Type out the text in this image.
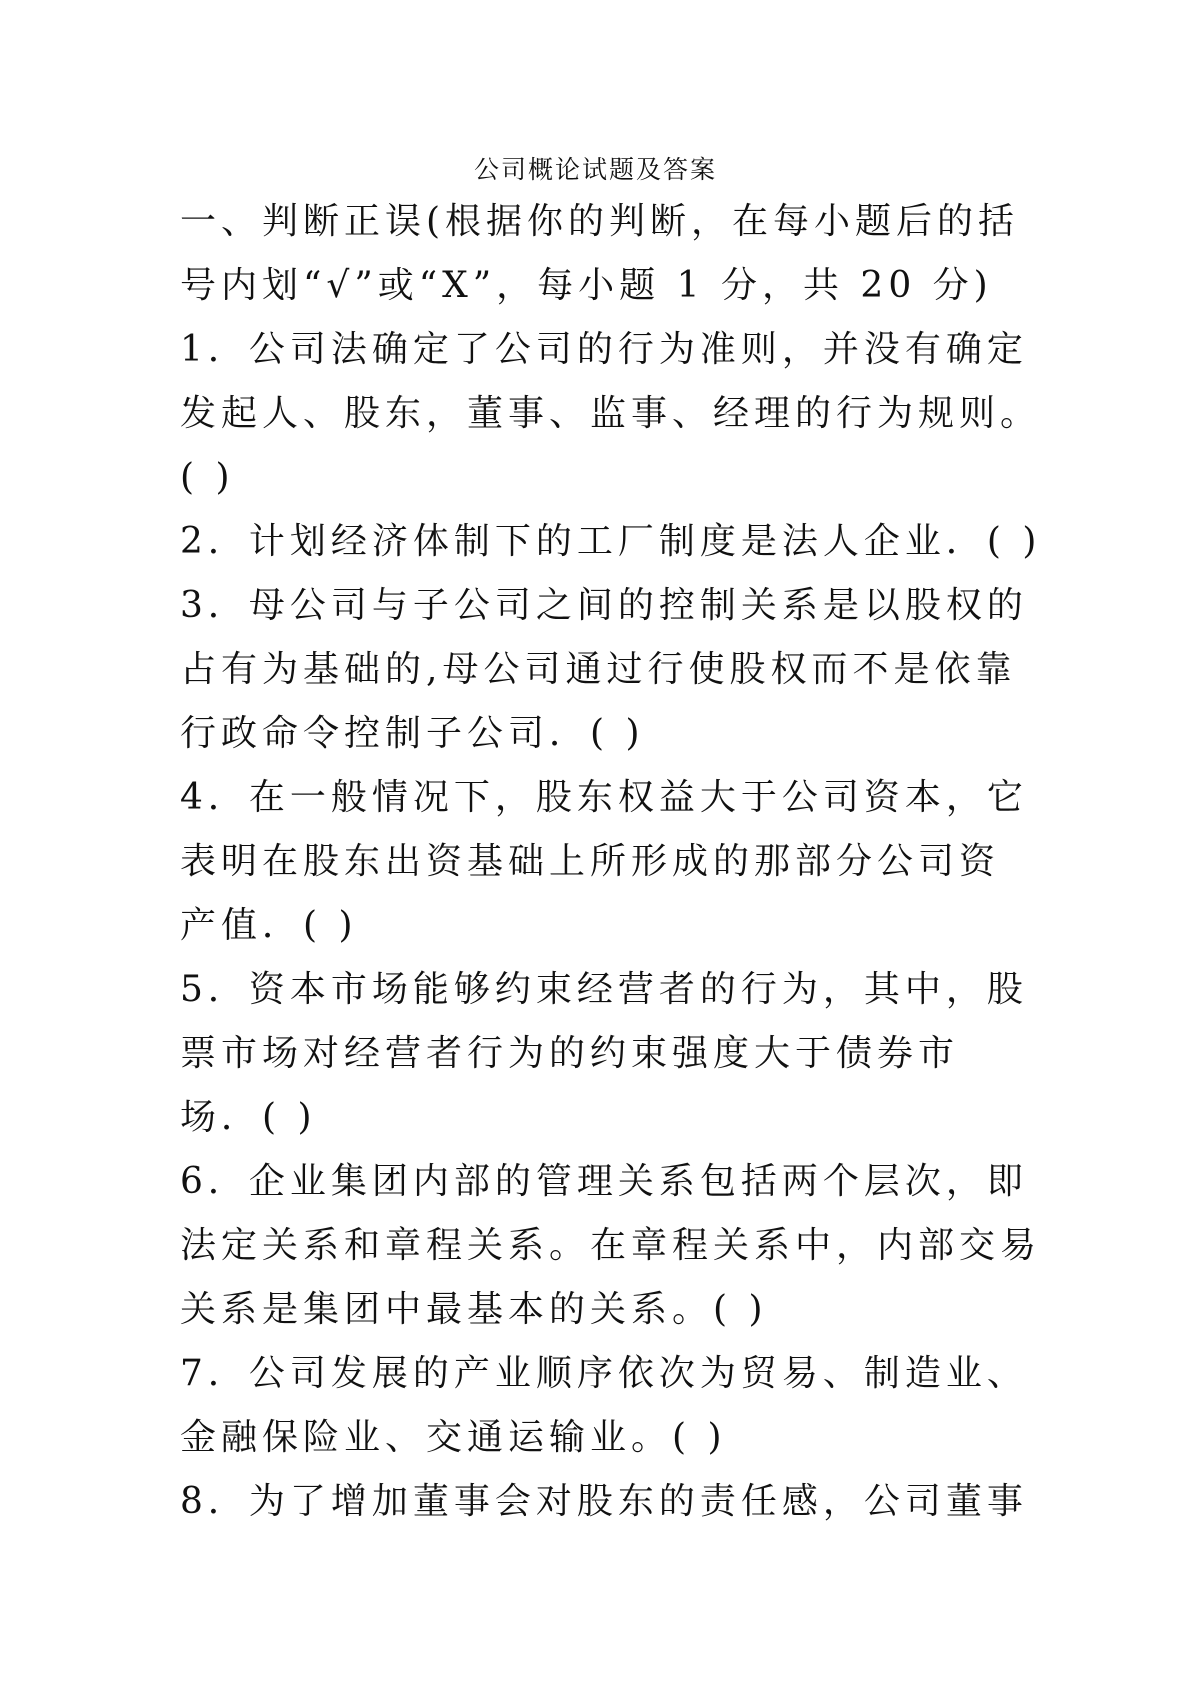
公司概论试题及答案
一、判断正误(根据你的判断，在每小题后的括
号内划“√”或“X”，每小题 1 分，共 20 分)
1．公司法确定了公司的行为准则，并没有确定
发起人、股东，董事、监事、经理的行为规则。
( )
2．计划经济体制下的工厂制度是法人企业．( )
3．母公司与子公司之间的控制关系是以股权的
占有为基础的,母公司通过行使股权而不是依靠
行政命令控制子公司．( )
4．在一般情况下，股东权益大于公司资本，它
表明在股东出资基础上所形成的那部分公司资
产值．( )
5．资本市场能够约束经营者的行为，其中，股
票市场对经营者行为的约束强度大于债券市
场．( )
6．企业集团内部的管理关系包括两个层次，即
法定关系和章程关系。在章程关系中，内部交易
关系是集团中最基本的关系。( )
7．公司发展的产业顺序依次为贸易、制造业、
金融保险业、交通运输业。( )
8．为了增加董事会对股东的责任感，公司董事
